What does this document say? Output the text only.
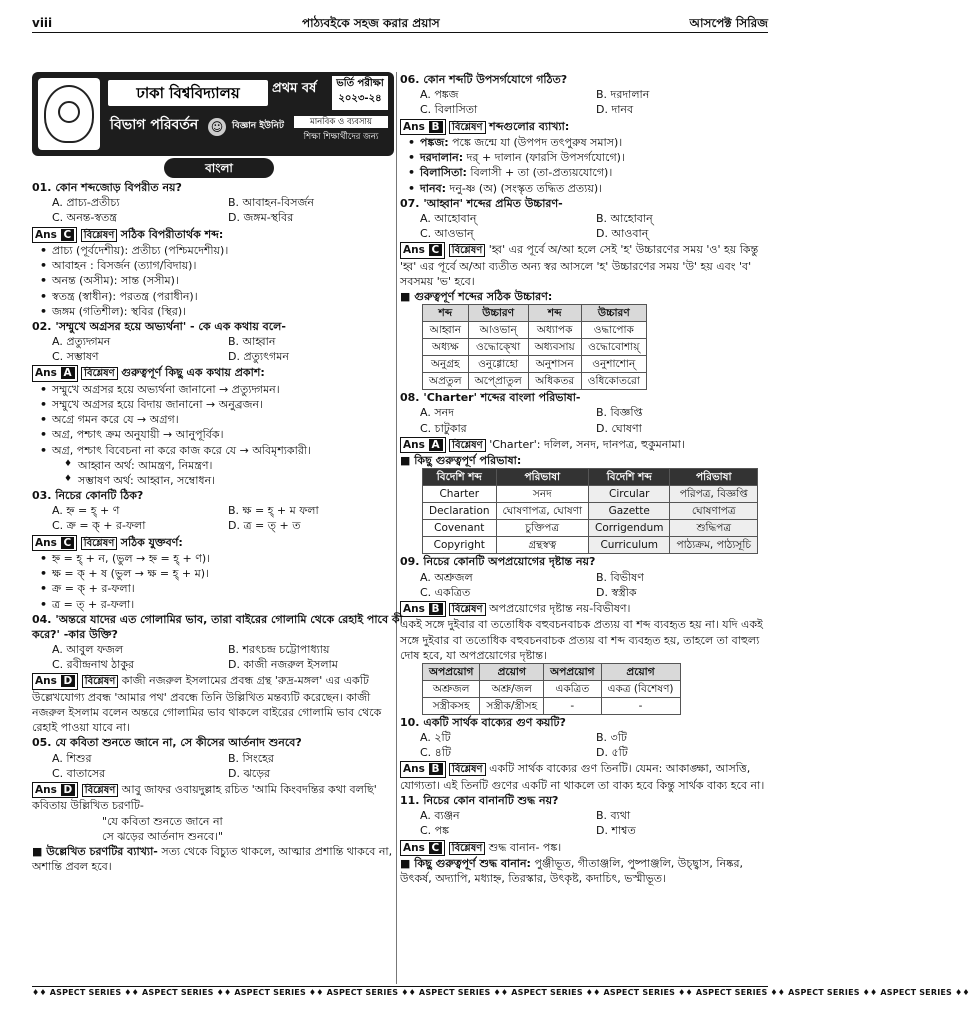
viii	পাঠ্যবইকে সহজ করার প্রয়াস	আসপেক্ট সিরিজ
ঢাকা বিশ্ববিদ্যালয়	প্রথম বর্ষ	ভর্তি পরীক্ষা ২০২৩-২৪
বিভাগ পরিবর্তন ☺ বিজ্ঞান ইউনিট	মানবিক ও ব্যবসায়
শিক্ষা শিক্ষার্থীদের জন্য
বাংলা

01. কোন শব্দজোড় বিপরীত নয়?

A. প্রাচ্য-প্রতীচ্য	B. আবাহন-বিসর্জন
C. অনন্ত-স্বতন্ত্র	D. জঙ্গম-স্থবির
Ans C বিশ্লেষণ সঠিক বিপরীতার্থক শব্দ:
• প্রাচ্য (পূর্বদেশীয়): প্রতীচ্য (পশ্চিমদেশীয়)।
• আবাহন : বিসর্জন (ত্যাগ/বিদায়)।
• অনন্ত (অসীম): সান্ত (সসীম)।
• স্বতন্ত্র (স্বাধীন): পরতন্ত্র (পরাধীন)।
• জঙ্গম (গতিশীল): স্থবির (স্থির)।

02. 'সম্মুখে অগ্রসর হয়ে অভ্যর্থনা' - কে এক কথায় বলে-

A. প্রত্যুদ্গমন	B. আহ্বান
C. সম্ভাষণ	D. প্রত্যুৎগমন
Ans A বিশ্লেষণ গুরুত্বপূর্ণ কিছু এক কথায় প্রকাশ:
• সম্মুখে অগ্রসর হয়ে অভ্যর্থনা জানানো → প্রত্যুদ্গমন।
• সম্মুখে অগ্রসর হয়ে বিদায় জানানো → অনুব্রজন।
• অগ্রে গমন করে যে → অগ্রগ।
• অগ্র, পশ্চাৎ ক্রম অনুযায়ী → আনুপূর্বিক।
• অগ্র, পশ্চাৎ বিবেচনা না করে কাজ করে যে → অবিমৃশ্যকারী।
♦ আহ্বান অর্থ: আমন্ত্রণ, নিমন্ত্রণ।
♦ সম্ভাষণ অর্থ: আহ্বান, সম্বোধন।

03. নিচের কোনটি ঠিক?

A. হ্ন = হ্ + ণ	B. ক্ষ = হ্ + ম ফলা
C. ক্র = ক্ + র-ফলা	D. ত্র = ত্ + ত
Ans C বিশ্লেষণ সঠিক যুক্তবর্ণ:
• হ্ন = হ্ + ন, (ভুল → হ্ন = হ্ + ণ)।
• ক্ষ = ক্ + ষ (ভুল → ক্ষ = হ্ + ম)।
• ক্র = ক্ + র-ফলা।
• ত্র = ত্ + র-ফলা।

04. 'অন্তরে যাদের এত গোলামির ভাব, তারা বাইরের গোলামি থেকে রেহাই পাবে কী করে?' -কার উক্তি?

A. আবুল ফজল	B. শরৎচন্দ্র চট্টোপাধ্যায়
C. রবীন্দ্রনাথ ঠাকুর	D. কাজী নজরুল ইসলাম
Ans D বিশ্লেষণ কাজী নজরুল ইসলামের প্রবন্ধ গ্রন্থ 'রুদ্র-মঙ্গল' এর একটি উল্লেখযোগ্য প্রবন্ধ 'আমার পথ' প্রবন্ধে তিনি উল্লিখিত মন্তব্যটি করেছেন। কাজী নজরুল ইসলাম বলেন অন্তরে গোলামির ভাব থাকলে বাইরের গোলামি ভাব থেকে রেহাই পাওয়া যাবে না।

05. যে কবিতা শুনতে জানে না, সে কীসের আর্তনাদ শুনবে?

A. শিশুর	B. সিংহের
C. বাতাসের	D. ঝড়ের
Ans D বিশ্লেষণ আবু জাফর ওবায়দুল্লাহ রচিত 'আমি কিংবদন্তির কথা বলছি' কবিতায় উল্লিখিত চরণটি-
"যে কবিতা শুনতে জানে না
সে ঝড়ের আর্তনাদ শুনবে।"
■ উল্লেখিত চরণটির ব্যাখ্যা- সত্য থেকে বিচ্যুত থাকলে, আত্মার প্রশান্তি থাকবে না, অশান্তি প্রবল হবে।

06. কোন শব্দটি উপসর্গযোগে গঠিত?

A. পঙ্কজ	B. দরদালান
C. বিলাসিতা	D. দানব
Ans B বিশ্লেষণ শব্দগুলোর ব্যাখ্যা:
• পঙ্কজ: পঙ্কে জন্মে যা (উপপদ তৎপুরুষ সমাস)।
• দরদালান: দর্ + দালান (ফারসি উপসর্গযোগে)।
• বিলাসিতা: বিলাসী + তা (তা-প্রত্যয়যোগে)।
• দানব: দনু-ষ্ণ (অ) (সংস্কৃত তদ্ধিত প্রত্যয়)।

07. 'আহ্বান' শব্দের প্রমিত উচ্চারণ-

A. আহোবান্	B. আহোবান্
C. আওভান্	D. আওবান্
Ans C বিশ্লেষণ 'হ্ব' এর পূর্বে অ/আ হলে সেই 'হ' উচ্চারণের সময় 'ও' হয় কিন্তু 'হ্ব' এর পূর্বে অ/আ ব্যতীত অন্য স্বর আসলে 'হ' উচ্চারণের সময় 'উ' হয় এবং 'ব' সবসময় 'ভ' হবে।
■ গুরুত্বপূর্ণ শব্দের সঠিক উচ্চারণ:
শব্দ	উচ্চারণ	শব্দ	উচ্চারণ
আহ্বান	আওভান্	অধ্যাপক	ওদ্ধাপোক
অধ্যক্ষ	ওদ্ধোক্খো	অধ্যবসায়	ওদ্ধোবোশায়্
অনুগ্রহ	ওনুগ্গোহো	অনুশাসন	ওনুশাশোন্
অপ্রতুল	অপ্প্রোতুল	অধিকতর	ওধিকোতরো

08. 'Charter' শব্দের বাংলা পরিভাষা-

A. সনদ	B. বিজ্ঞপ্তি
C. চাটুকার	D. ঘোষণা
Ans A বিশ্লেষণ 'Charter': দলিল, সনদ, দানপত্র, হুকুমনামা।
■ কিছু গুরুত্বপূর্ণ পরিভাষা:
বিদেশি শব্দ	পরিভাষা	বিদেশি শব্দ	পরিভাষা
Charter	সনদ	Circular	পরিপত্র, বিজ্ঞপ্তি
Declaration	ঘোষণাপত্র, ঘোষণা	Gazette	ঘোষণাপত্র
Covenant	চুক্তিপত্র	Corrigendum	শুদ্ধিপত্র
Copyright	গ্রন্থস্বত্ব	Curriculum	পাঠ্যক্রম, পাঠ্যসূচি

09. নিচের কোনটি অপপ্রয়োগের দৃষ্টান্ত নয়?

A. অশ্রুজল	B. বিভীষণ
C. একত্রিত	D. স্বস্ত্রীক
Ans B বিশ্লেষণ অপপ্রয়োগের দৃষ্টান্ত নয়-বিভীষণ।
একই সঙ্গে দুইবার বা ততোধিক বহুবচনবাচক প্রত্যয় বা শব্দ ব্যবহৃত হয় না। যদি একই সঙ্গে দুইবার বা ততোধিক বহুবচনবাচক প্রত্যয় বা শব্দ ব্যবহৃত হয়, তাহলে তা বাহুল্য দোষ হবে, যা অপপ্রয়োগের দৃষ্টান্ত।
অপপ্রয়োগ	প্রয়োগ	অপপ্রয়োগ	প্রয়োগ
অশ্রুজল	অশ্রু/জল	একত্রিত	একত্র (বিশেষণ)
সস্ত্রীকসহ	সস্ত্রীক/স্ত্রীসহ	-	-

10. একটি সার্থক বাক্যের গুণ কয়টি?

A. ২টি	B. ৩টি
C. ৪টি	D. ৫টি
Ans B বিশ্লেষণ একটি সার্থক বাক্যের গুণ তিনটি। যেমন: আকাঙ্ক্ষা, আসত্তি, যোগ্যতা। এই তিনটি গুণের একটি না থাকলে তা বাক্য হবে কিন্তু সার্থক বাক্য হবে না।

11. নিচের কোন বানানটি শুদ্ধ নয়?

A. ব্যঞ্জন	B. ব্যথা
C. পঙ্ক	D. শাশ্বত
Ans C বিশ্লেষণ শুদ্ধ বানান- পঙ্ক।
■ কিছু গুরুত্বপূর্ণ শুদ্ধ বানান: পুঞ্জীভূত, গীতাঞ্জলি, পুষ্পাঞ্জলি, উচ্ছ্বাস, নিষ্কর, উৎকর্ষ, অদ্যাপি, মধ্যাহ্ন, তিরস্কার, উৎকৃষ্ট, কদাচিৎ, ভস্মীভূত।
♦♦ ASPECT SERIES ♦♦ ASPECT SERIES ♦♦ ASPECT SERIES ♦♦ ASPECT SERIES ♦♦ ASPECT SERIES ♦♦ ASPECT SERIES ♦♦ ASPECT SERIES ♦♦ ASPECT SERIES ♦♦ ASPECT SERIES ♦♦ ASPECT SERIES ♦♦
